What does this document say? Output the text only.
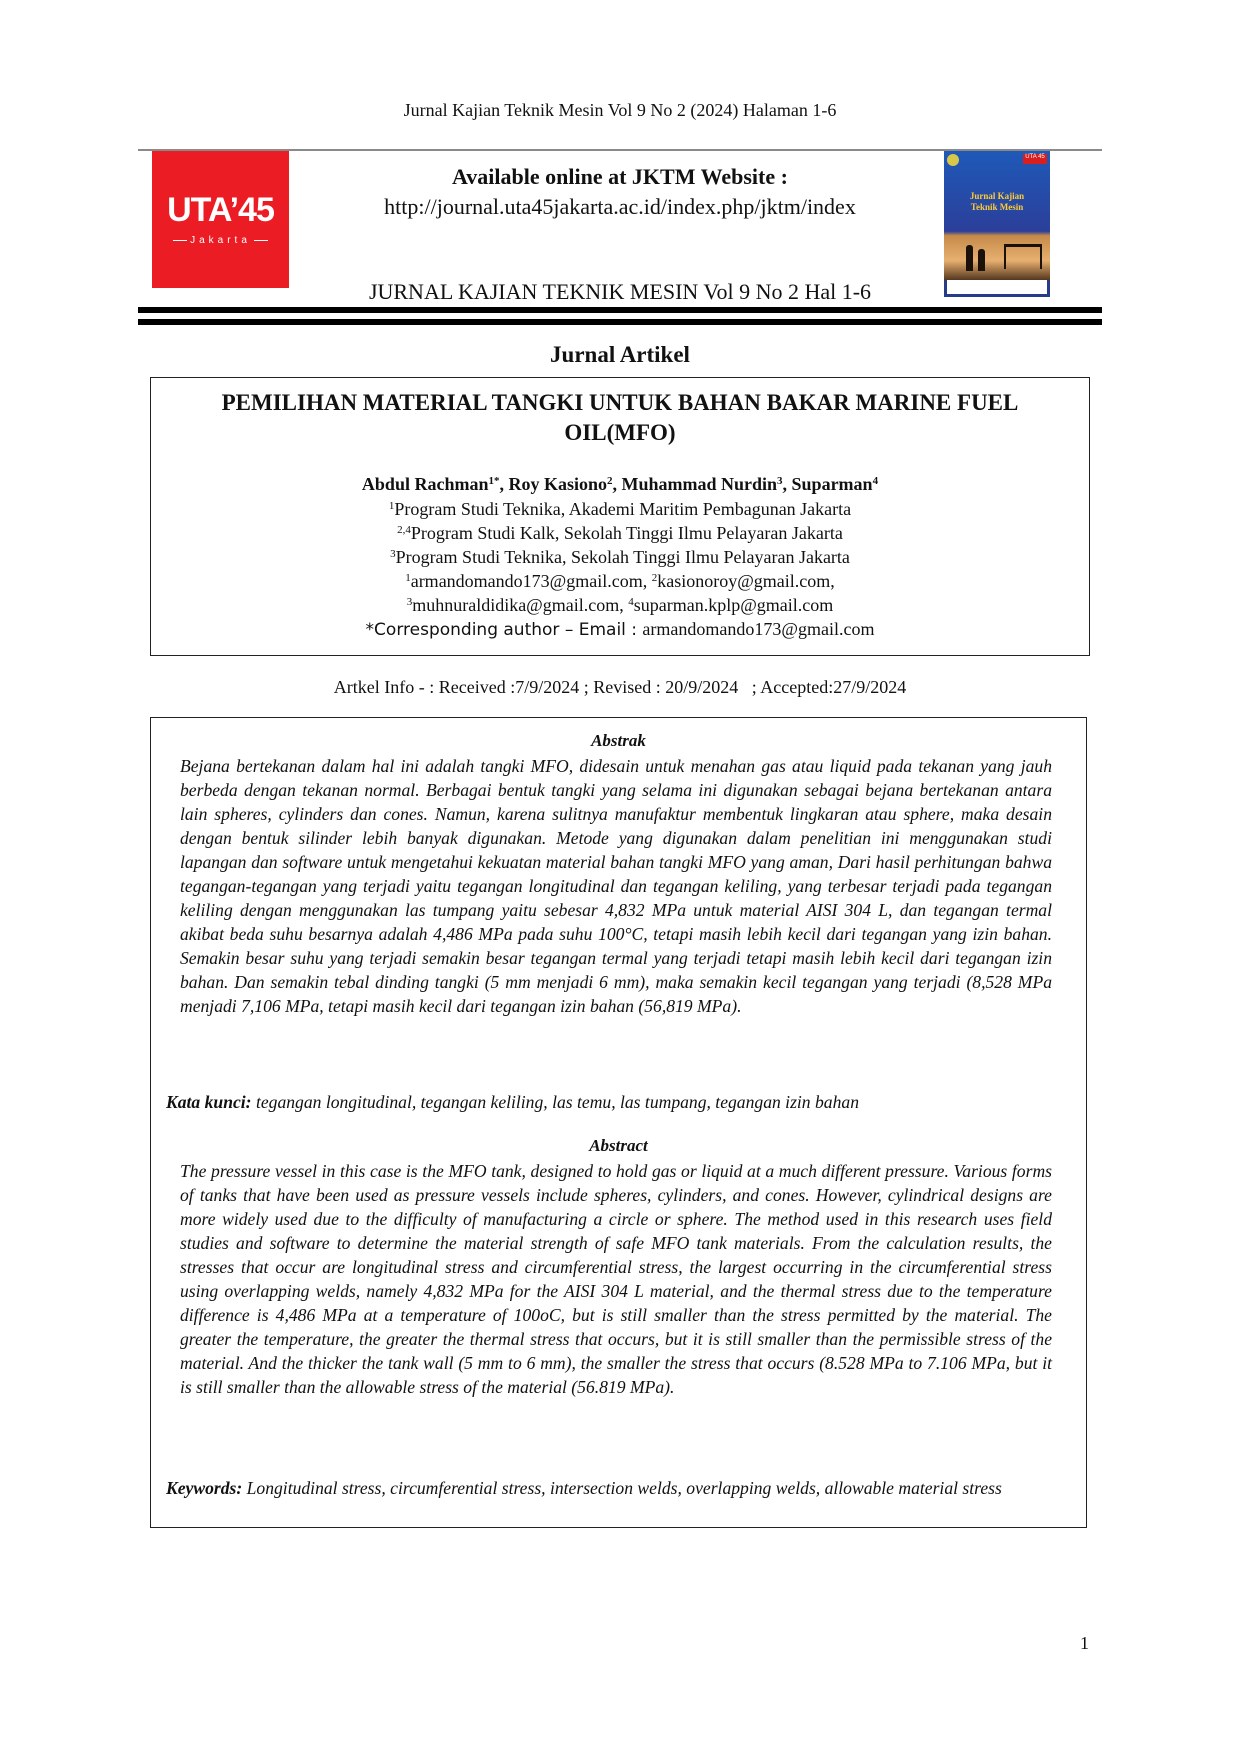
Jurnal Kajian Teknik Mesin Vol 9 No 2 (2024) Halaman 1-6
UTA’45
Jakarta
Available online at JKTM Website :
http://journal.uta45jakarta.ac.id/index.php/jktm/index
JURNAL KAJIAN TEKNIK MESIN Vol 9 No 2 Hal 1-6
UTA 45
Jurnal Kajian
Teknik Mesin
Jurnal Artikel
PEMILIHAN MATERIAL TANGKI UNTUK BAHAN BAKAR MARINE FUEL
OIL(MFO)
Abdul Rachman$^{1*}$, Roy Kasiono$^2$, Muhammad Nurdin$^3$, Suparman$^4$
$^1$Program Studi Teknika, Akademi Maritim Pembagunan Jakarta
$^{2,4}$Program Studi Kalk, Sekolah Tinggi Ilmu Pelayaran Jakarta
$^3$Program Studi Teknika, Sekolah Tinggi Ilmu Pelayaran Jakarta
$^1$armandomando173@gmail.com, $^2$kasionoroy@gmail.com,
$^3$muhnuraldidika@gmail.com, $^4$suparman.kplp@gmail.com
*Corresponding author – Email : armandomando173@gmail.com
Artkel Info - : Received :7/9/2024 ; Revised : 20/9/2024   ; Accepted:27/9/2024
Abstrak
Bejana bertekanan dalam hal ini adalah tangki MFO, didesain untuk menahan gas atau liquid pada tekanan yang jauh berbeda dengan tekanan normal. Berbagai bentuk tangki yang selama ini digunakan sebagai bejana bertekanan antara lain spheres, cylinders dan cones. Namun, karena sulitnya manufaktur membentuk lingkaran atau sphere, maka desain dengan bentuk silinder lebih banyak digunakan. Metode yang digunakan dalam penelitian ini menggunakan studi lapangan dan software untuk mengetahui kekuatan material bahan tangki MFO yang aman, Dari hasil perhitungan bahwa tegangan-tegangan yang terjadi yaitu tegangan longitudinal dan tegangan keliling, yang terbesar terjadi pada tegangan keliling dengan menggunakan las tumpang yaitu sebesar 4,832 MPa untuk material AISI 304 L, dan tegangan termal akibat beda suhu besarnya adalah 4,486 MPa pada suhu 100°C, tetapi masih lebih kecil dari tegangan yang izin bahan. Semakin besar suhu yang terjadi semakin besar tegangan termal yang terjadi tetapi masih lebih kecil dari tegangan izin bahan. Dan semakin tebal dinding tangki (5 mm menjadi 6 mm), maka semakin kecil tegangan yang terjadi (8,528 MPa menjadi 7,106 MPa, tetapi masih kecil dari tegangan izin bahan (56,819 MPa).
Kata kunci: tegangan longitudinal, tegangan keliling, las temu, las tumpang, tegangan izin bahan
Abstract
The pressure vessel in this case is the MFO tank, designed to hold gas or liquid at a much different pressure. Various forms of tanks that have been used as pressure vessels include spheres, cylinders, and cones. However, cylindrical designs are more widely used due to the difficulty of manufacturing a circle or sphere. The method used in this research uses field studies and software to determine the material strength of safe MFO tank materials. From the calculation results, the stresses that occur are longitudinal stress and circumferential stress, the largest occurring in the circumferential stress using overlapping welds, namely 4,832 MPa for the AISI 304 L material, and the thermal stress due to the temperature difference is 4,486 MPa at a temperature of 100oC, but is still smaller than the stress permitted by the material. The greater the temperature, the greater the thermal stress that occurs, but it is still smaller than the permissible stress of the material. And the thicker the tank wall (5 mm to 6 mm), the smaller the stress that occurs (8.528 MPa to 7.106 MPa, but it is still smaller than the allowable stress of the material (56.819 MPa).
Keywords: Longitudinal stress, circumferential stress, intersection welds, overlapping welds, allowable material stress
1
